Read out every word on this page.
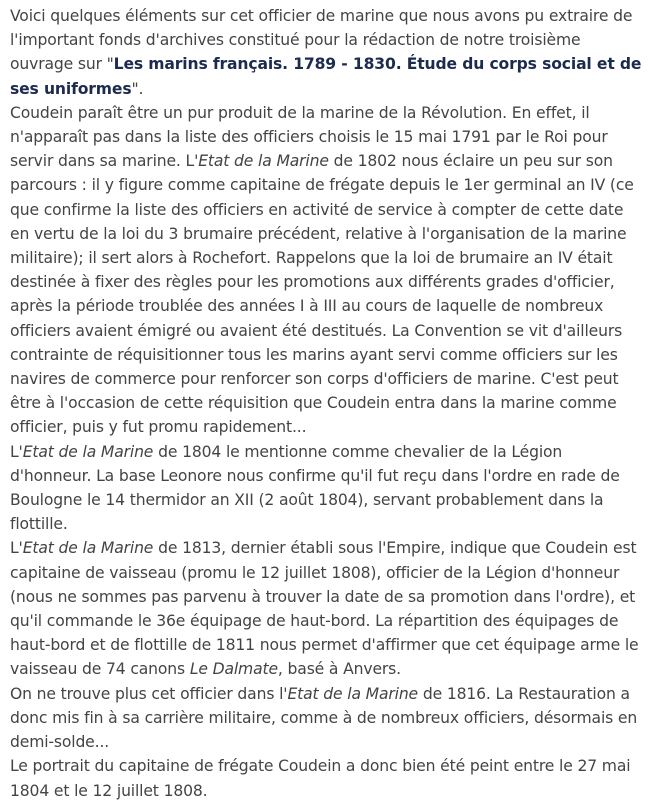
Voici quelques éléments sur cet officier de marine que nous avons pu extraire de l'important fonds d'archives constitué pour la rédaction de notre troisième ouvrage sur "Les marins français. 1789 - 1830. Étude du corps social et de ses uniformes".

Coudein paraît être un pur produit de la marine de la Révolution. En effet, il n'apparaît pas dans la liste des officiers choisis le 15 mai 1791 par le Roi pour servir dans sa marine. L'Etat de la Marine de 1802 nous éclaire un peu sur son parcours : il y figure comme capitaine de frégate depuis le 1er germinal an IV (ce que confirme la liste des officiers en activité de service à compter de cette date en vertu de la loi du 3 brumaire précédent, relative à l'organisation de la marine militaire); il sert alors à Rochefort. Rappelons que la loi de brumaire an IV était destinée à fixer des règles pour les promotions aux différents grades d'officier, après la période troublée des années I à III au cours de laquelle de nombreux officiers avaient émigré ou avaient été destitués. La Convention se vit d'ailleurs contrainte de réquisitionner tous les marins ayant servi comme officiers sur les navires de commerce pour renforcer son corps d'officiers de marine. C'est peut être à l'occasion de cette réquisition que Coudein entra dans la marine comme officier, puis y fut promu rapidement...

L'Etat de la Marine de 1804 le mentionne comme chevalier de la Légion d'honneur. La base Leonore nous confirme qu'il fut reçu dans l'ordre en rade de Boulogne le 14 thermidor an XII (2 août 1804), servant probablement dans la flottille.

L'Etat de la Marine de 1813, dernier établi sous l'Empire, indique que Coudein est capitaine de vaisseau (promu le 12 juillet 1808), officier de la Légion d'honneur (nous ne sommes pas parvenu à trouver la date de sa promotion dans l'ordre), et qu'il commande le 36e équipage de haut-bord. La répartition des équipages de haut-bord et de flottille de 1811 nous permet d'affirmer que cet équipage arme le vaisseau de 74 canons Le Dalmate, basé à Anvers.

On ne trouve plus cet officier dans l'Etat de la Marine de 1816. La Restauration a donc mis fin à sa carrière militaire, comme à de nombreux officiers, désormais en demi-solde...

Le portrait du capitaine de frégate Coudein a donc bien été peint entre le 27 mai 1804 et le 12 juillet 1808.
